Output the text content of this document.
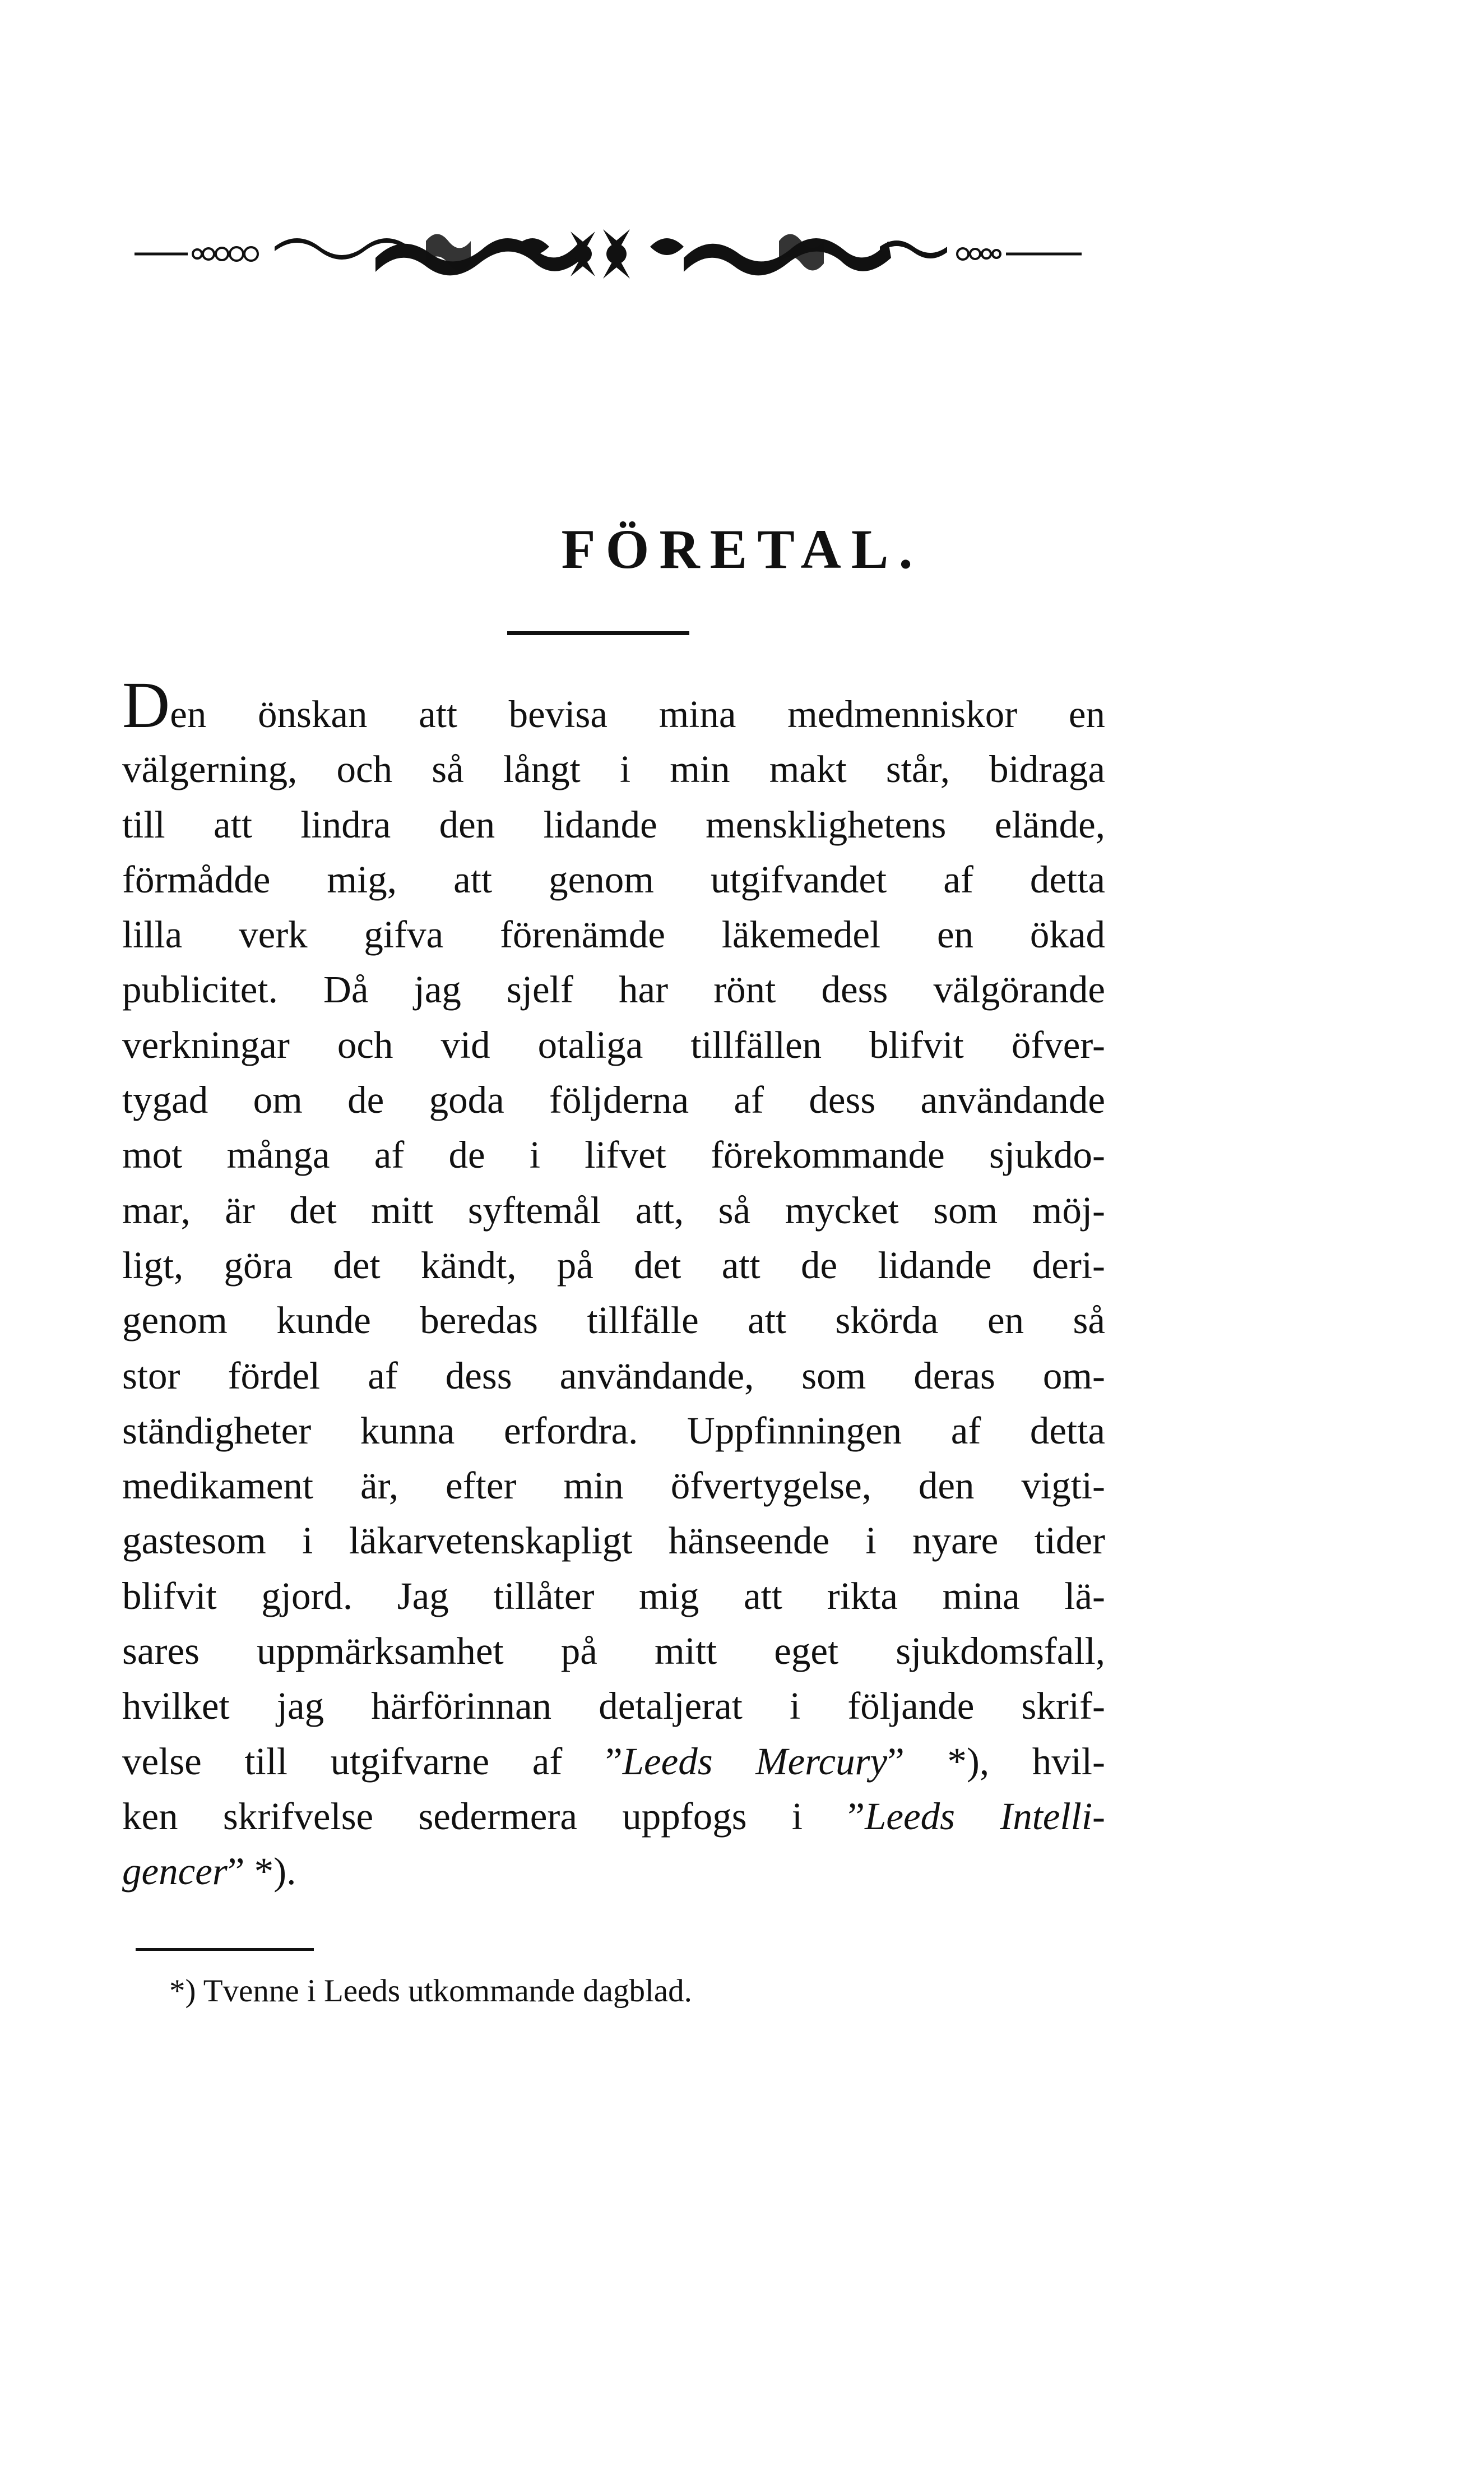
FÖRETAL.
Den önskan att bevisa mina medmenniskor en
välgerning, och så långt i min makt står, bidraga
till att lindra den lidande mensklighetens elände,
förmådde mig, att genom utgifvandet af detta
lilla verk gifva förenämde läkemedel en ökad
publicitet. Då jag sjelf har rönt dess välgörande
verkningar och vid otaliga tillfällen blifvit öfver-
tygad om de goda följderna af dess användande
mot många af de i lifvet förekommande sjukdo-
mar, är det mitt syftemål att, så mycket som möj-
ligt, göra det kändt, på det att de lidande deri-
genom kunde beredas tillfälle att skörda en så
stor fördel af dess användande, som deras om-
ständigheter kunna erfordra. Uppfinningen af detta
medikament är, efter min öfvertygelse, den vigti-
gastesom i läkarvetenskapligt hänseende i nyare tider
blifvit gjord. Jag tillåter mig att rikta mina lä-
sares uppmärksamhet på mitt eget sjukdomsfall,
hvilket jag härförinnan detaljerat i följande skrif-
velse till utgifvarne af ”Leeds Mercury” *), hvil-
ken skrifvelse sedermera uppfogs i ”Leeds Intelli-
gencer” *).

*) Tvenne i Leeds utkommande dagblad.
